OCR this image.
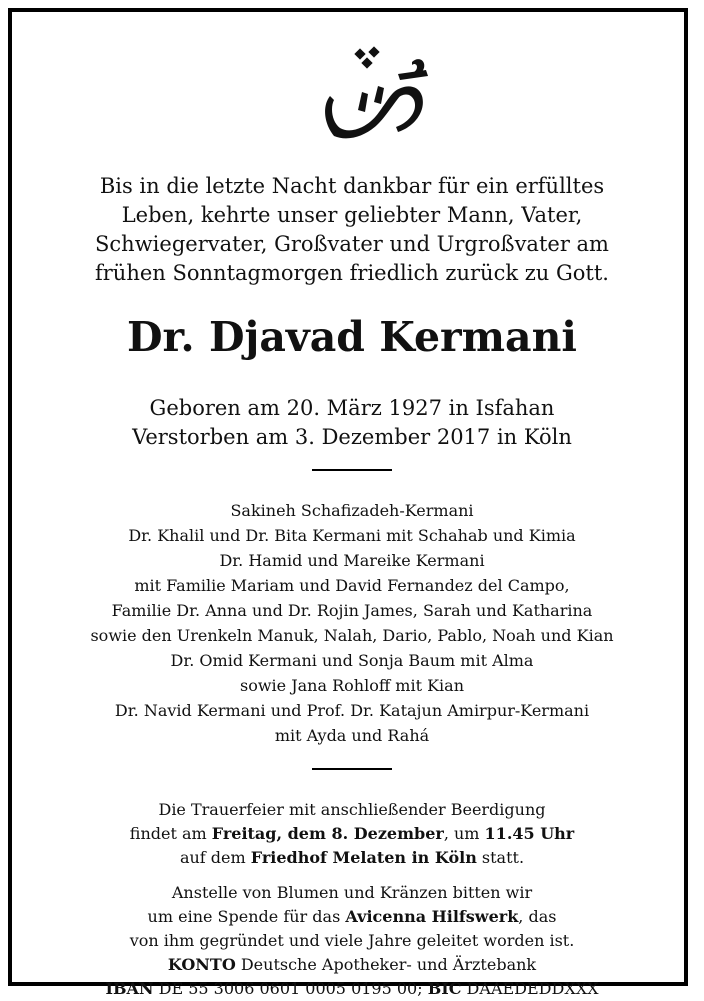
Bis in die letzte Nacht dankbar für ein erfülltes
Leben, kehrte unser geliebter Mann, Vater,
Schwiegervater, Großvater und Urgroßvater am
frühen Sonntagmorgen friedlich zurück zu Gott.
Dr. Djavad Kermani
Geboren am 20. März 1927 in Isfahan
Verstorben am 3. Dezember 2017 in Köln
Sakineh Schafizadeh-Kermani
Dr. Khalil und Dr. Bita Kermani mit Schahab und Kimia
Dr. Hamid und Mareike Kermani
mit Familie Mariam und David Fernandez del Campo,
Familie Dr. Anna und Dr. Rojin James, Sarah und Katharina
sowie den Urenkeln Manuk, Nalah, Dario, Pablo, Noah und Kian
Dr. Omid Kermani und Sonja Baum mit Alma
sowie Jana Rohloff mit Kian
Dr. Navid Kermani und Prof. Dr. Katajun Amirpur-Kermani
mit Ayda und Rahá
Die Trauerfeier mit anschließender Beerdigung
findet am Freitag, dem 8. Dezember, um 11.45 Uhr
auf dem Friedhof Melaten in Köln statt.
Anstelle von Blumen und Kränzen bitten wir
um eine Spende für das Avicenna Hilfswerk, das
von ihm gegründet und viele Jahre geleitet worden ist.
KONTO Deutsche Apotheker- und Ärztebank
IBAN DE 55 3006 0601 0005 0195 00; BIC DAAEDEDDXXX
